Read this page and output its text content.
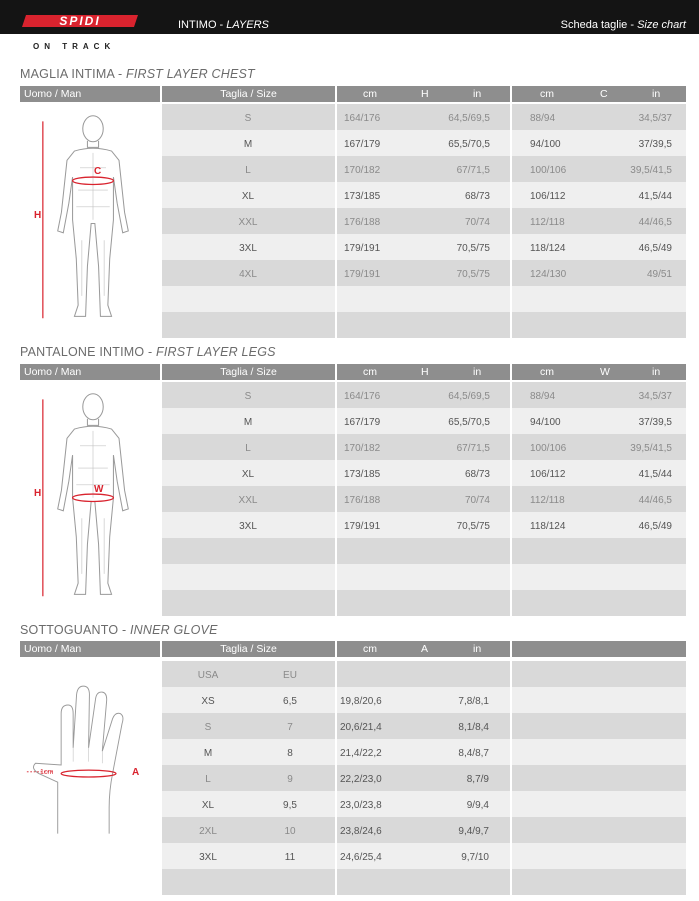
SPIDI	INTIMO - LAYERS	Scheda taglie - Size chart
ON TRACK
MAGLIA INTIMA - FIRST LAYER CHEST
Uomo / Man	Taglia / Size	cm	H	in	cm	C	in
S	164/176	64,5/69,5	88/94	34,5/37
M	167/179	65,5/70,5	94/100	37/39,5
L	170/182	67/71,5	100/106	39,5/41,5
XL	173/185	68/73	106/112	41,5/44
XXL	176/188	70/74	112/118	44/46,5
3XL	179/191	70,5/75	118/124	46,5/49
4XL	179/191	70,5/75	124/130	49/51
H
C
PANTALONE INTIMO - FIRST LAYER LEGS
Uomo / Man	Taglia / Size	cm	H	in	cm	W	in
S	164/176	64,5/69,5	88/94	34,5/37
M	167/179	65,5/70,5	94/100	37/39,5
L	170/182	67/71,5	100/106	39,5/41,5
XL	173/185	68/73	106/112	41,5/44
XXL	176/188	70/74	112/118	44/46,5
3XL	179/191	70,5/75	118/124	46,5/49
H	W
SOTTOGUANTO - INNER GLOVE
Uomo / Man	Taglia / Size	cm	A	in
USA	EU
XS	6,5	19,8/20,6	7,8/8,1
S	7	20,6/21,4	8,1/8,4
M	8	21,4/22,2	8,4/8,7
L	9	22,2/23,0	8,7/9
XL	9,5	23,0/23,8	9/9,4
2XL	10	23,8/24,6	9,4/9,7
3XL	11	24,6/25,4	9,7/10
A
1cm
